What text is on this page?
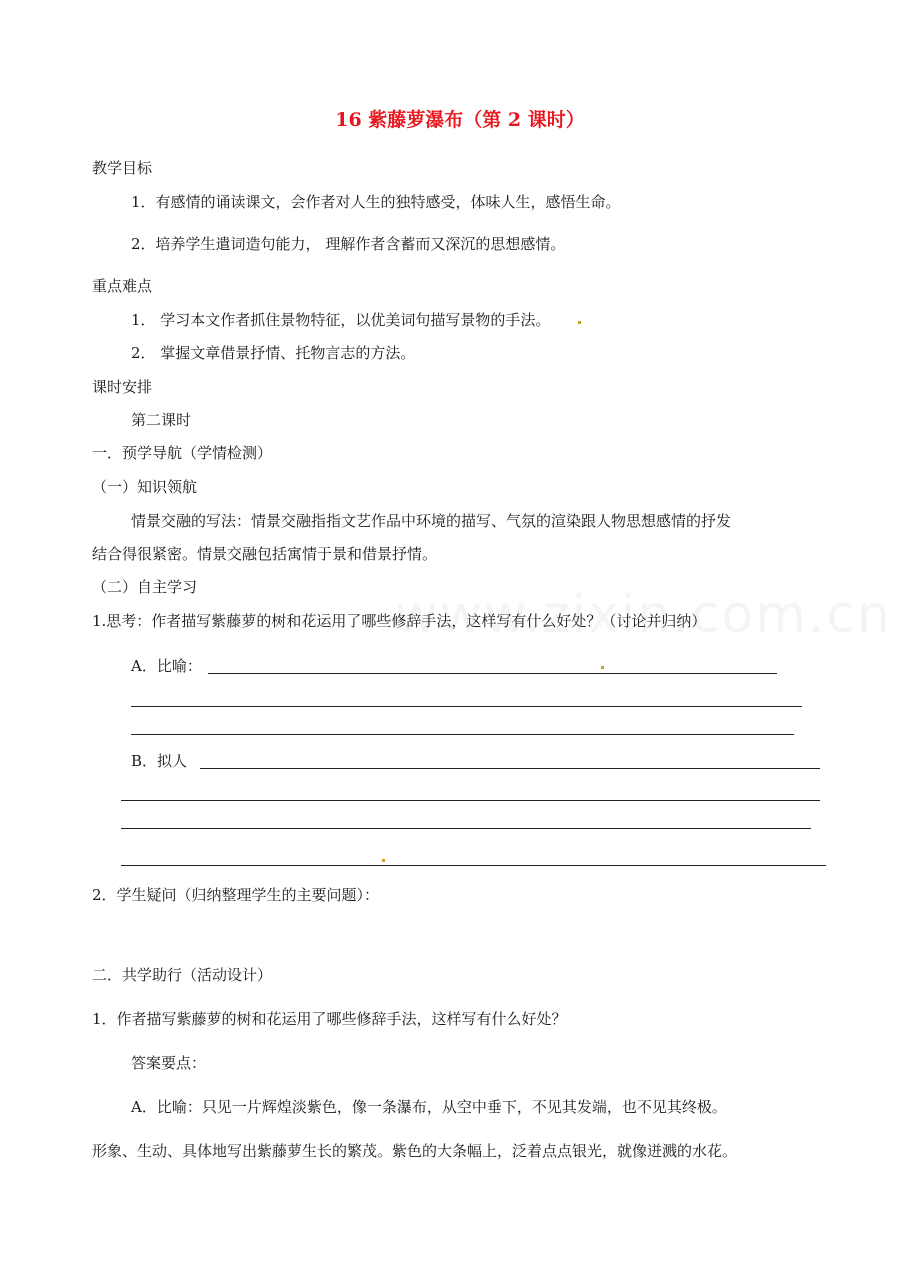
16 紫藤萝瀑布（第 2 课时）
教学目标
1．有感情的诵读课文，会作者对人生的独特感受，体味人生，感悟生命。
2．培养学生遣词造句能力， 理解作者含蓄而又深沉的思想感情。
重点难点
1． 学习本文作者抓住景物特征，以优美词句描写景物的手法。
2． 掌握文章借景抒情、托物言志的方法。
课时安排
第二课时
一．预学导航（学情检测）
（一）知识领航
情景交融的写法：情景交融指指文艺作品中环境的描写、气氛的渲染跟人物思想感情的抒发
结合得很紧密。情景交融包括寓情于景和借景抒情。
（二）自主学习
1.思考：作者描写紫藤萝的树和花运用了哪些修辞手法，这样写有什么好处？（讨论并归纳）
A．比喻：
B．拟人
2．学生疑问（归纳整理学生的主要问题）：
二．共学助行（活动设计）
1．作者描写紫藤萝的树和花运用了哪些修辞手法，这样写有什么好处？
答案要点：
A．比喻：只见一片辉煌淡紫色，像一条瀑布，从空中垂下，不见其发端，也不见其终极。
形象、生动、具体地写出紫藤萝生长的繁茂。紫色的大条幅上，泛着点点银光，就像迸溅的水花。
